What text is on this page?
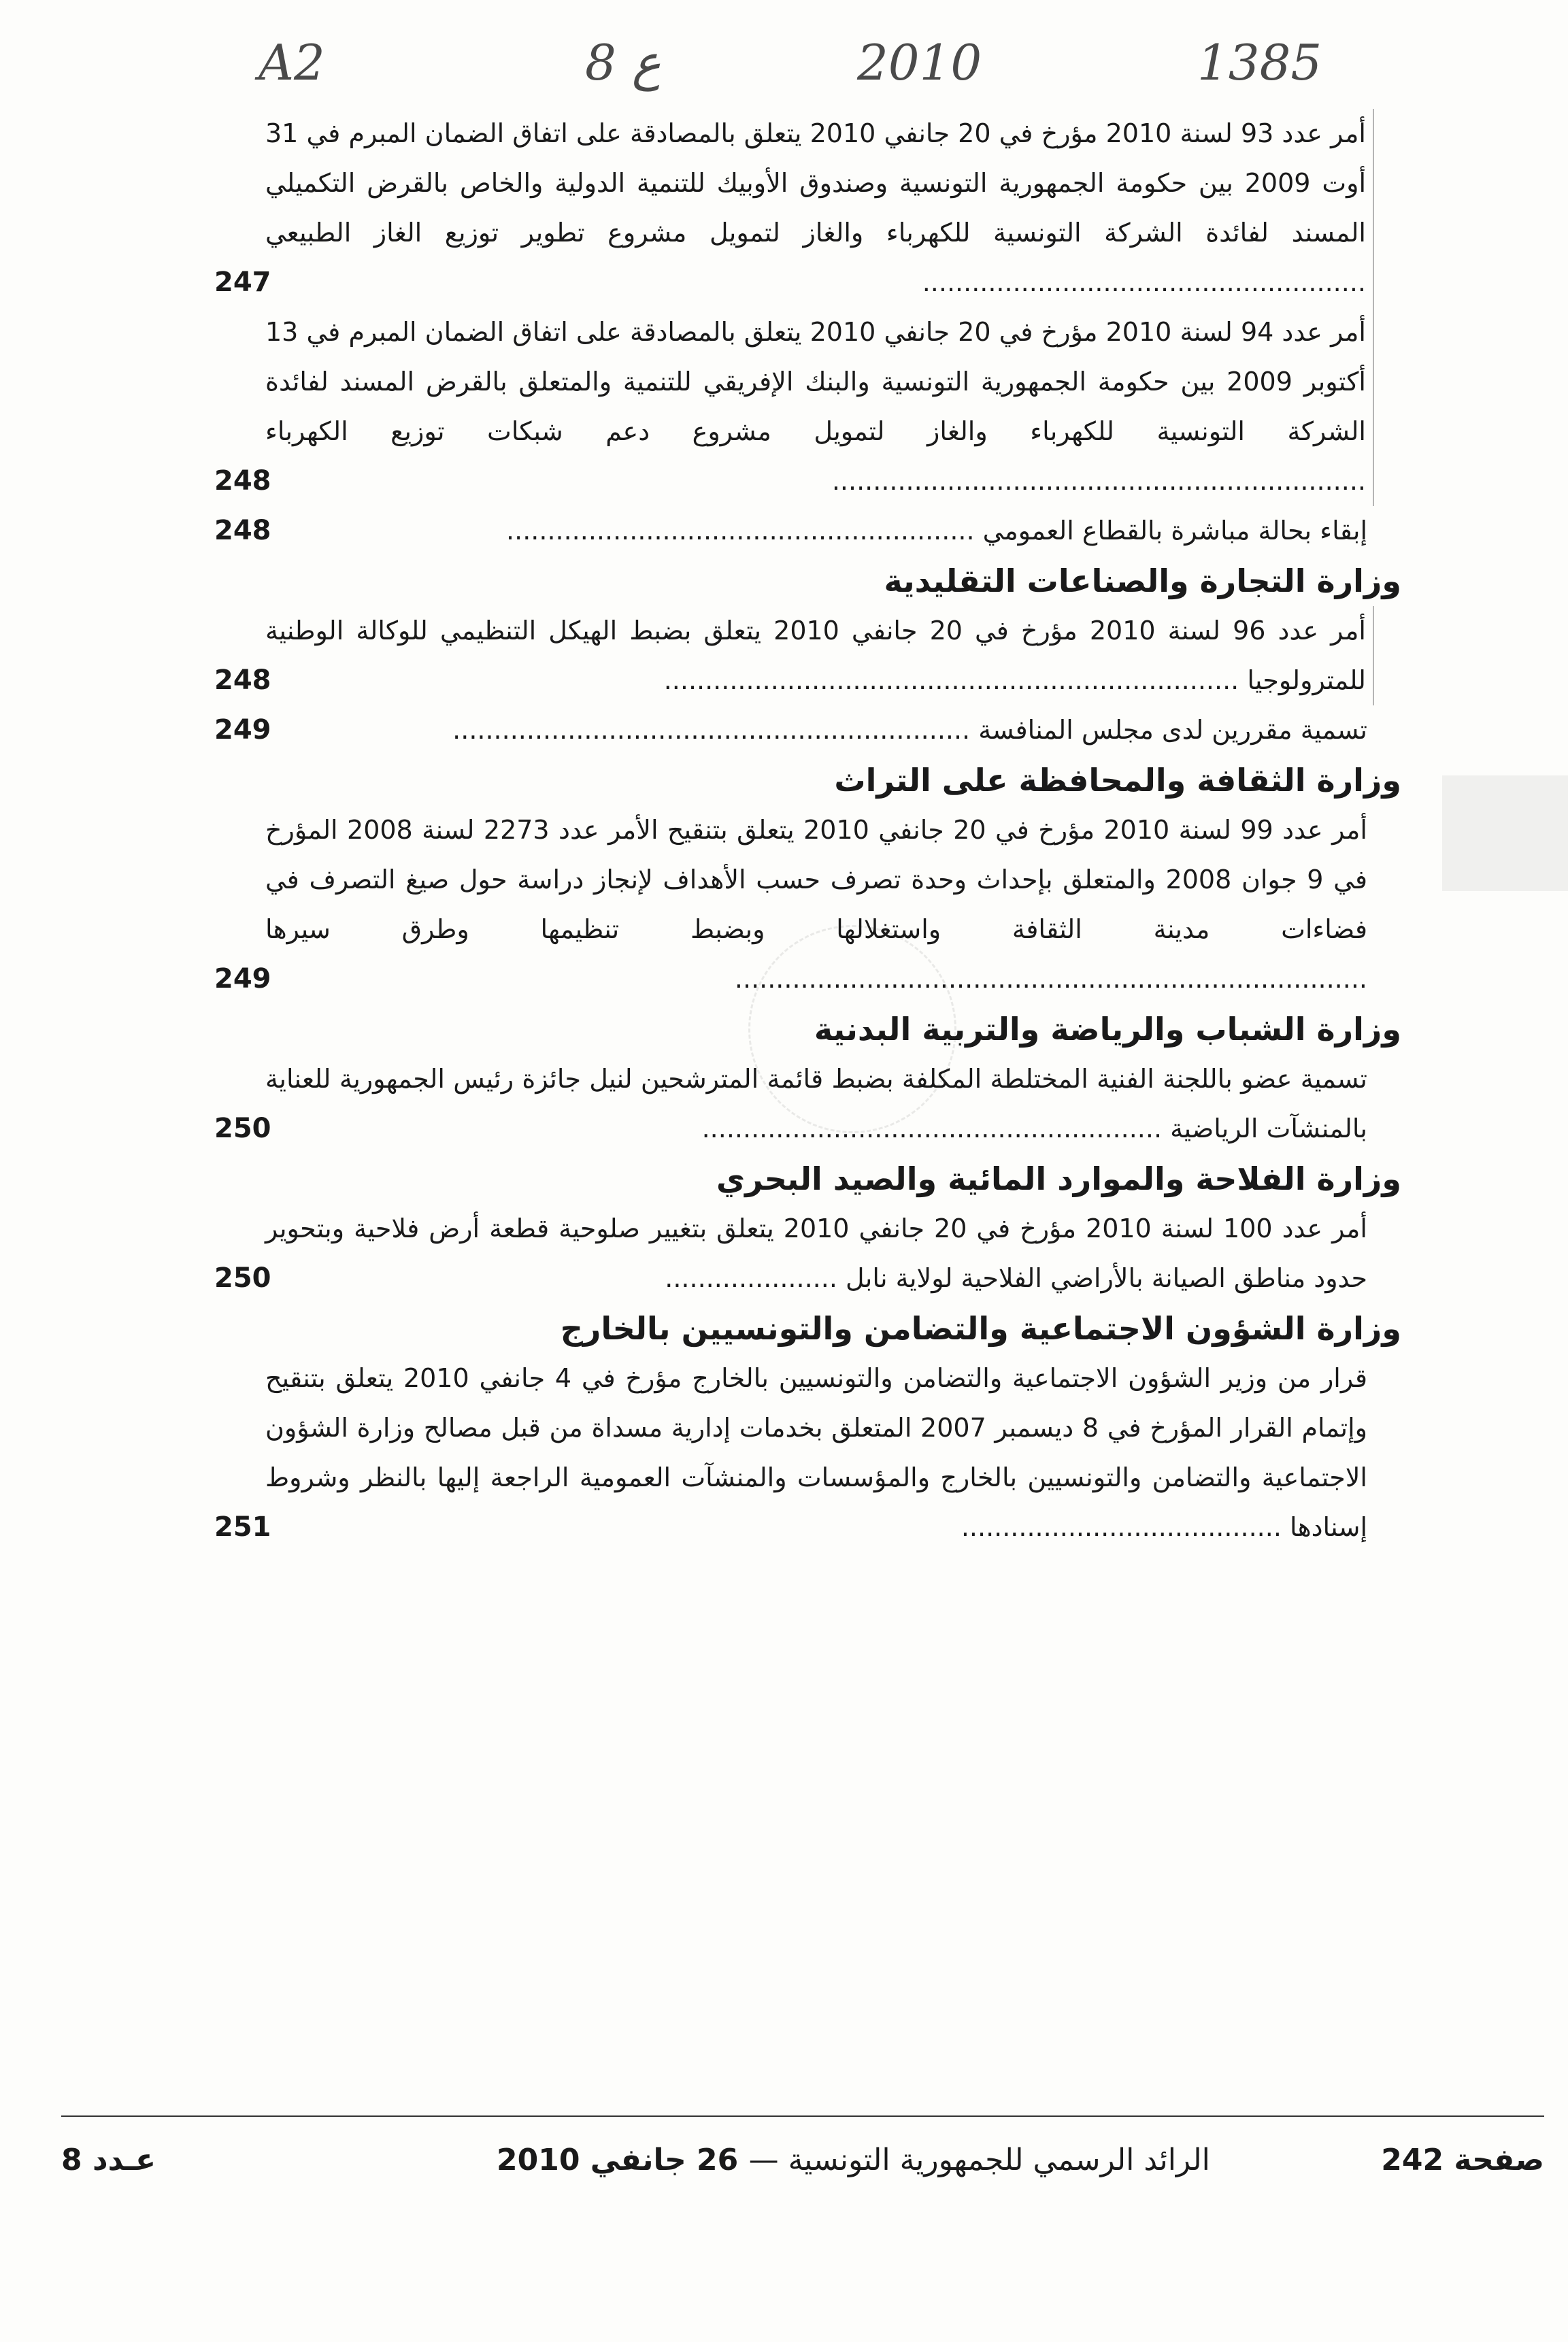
A2	8 ع	2010	1385
أمر عدد 93 لسنة 2010 مؤرخ في 20 جانفي 2010 يتعلق بالمصادقة على اتفاق الضمان المبرم في 31 أوت 2009 بين حكومة الجمهورية التونسية وصندوق الأوبيك للتنمية الدولية والخاص بالقرض التكميلي المسند لفائدة الشركة التونسية للكهرباء والغاز لتمويل مشروع تطوير توزيع الغاز الطبيعي ......................................................
247
أمر عدد 94 لسنة 2010 مؤرخ في 20 جانفي 2010 يتعلق بالمصادقة على اتفاق الضمان المبرم في 13 أكتوبر 2009 بين حكومة الجمهورية التونسية والبنك الإفريقي للتنمية والمتعلق بالقرض المسند لفائدة الشركة التونسية للكهرباء والغاز لتمويل مشروع دعم شبكات توزيع الكهرباء .................................................................
248
إبقاء بحالة مباشرة بالقطاع العمومي .........................................................
248
وزارة التجارة والصناعات التقليدية
أمر عدد 96 لسنة 2010 مؤرخ في 20 جانفي 2010 يتعلق بضبط الهيكل التنظيمي للوكالة الوطنية للمترولوجيا ......................................................................
248
تسمية مقررين لدى مجلس المنافسة ...............................................................
249
وزارة الثقافة والمحافظة على التراث
أمر عدد 99 لسنة 2010 مؤرخ في 20 جانفي 2010 يتعلق بتنقيح الأمر عدد 2273 لسنة 2008 المؤرخ في 9 جوان 2008 والمتعلق بإحداث وحدة تصرف حسب الأهداف لإنجاز دراسة حول صيغ التصرف في فضاءات مدينة الثقافة واستغلالها وبضبط تنظيمها وطرق سيرها .............................................................................
249
وزارة الشباب والرياضة والتربية البدنية
تسمية عضو باللجنة الفنية المختلطة المكلفة بضبط قائمة المترشحين لنيل جائزة رئيس الجمهورية للعناية بالمنشآت الرياضية ........................................................
250
وزارة الفلاحة والموارد المائية والصيد البحري
أمر عدد 100 لسنة 2010 مؤرخ في 20 جانفي 2010 يتعلق بتغيير صلوحية قطعة أرض فلاحية وبتحوير حدود مناطق الصيانة بالأراضي الفلاحية لولاية نابل .....................
250
وزارة الشؤون الاجتماعية والتضامن والتونسيين بالخارج
قرار من وزير الشؤون الاجتماعية والتضامن والتونسيين بالخارج مؤرخ في 4 جانفي 2010 يتعلق بتنقيح وإتمام القرار المؤرخ في 8 ديسمبر 2007 المتعلق بخدمات إدارية مسداة من قبل مصالح وزارة الشؤون الاجتماعية والتضامن والتونسيين بالخارج والمؤسسات والمنشآت العمومية الراجعة إليها بالنظر وشروط إسنادها .......................................
251
صفحة 242
الرائد الرسمي للجمهورية التونسية — 26 جانفي 2010
عـدد 8
